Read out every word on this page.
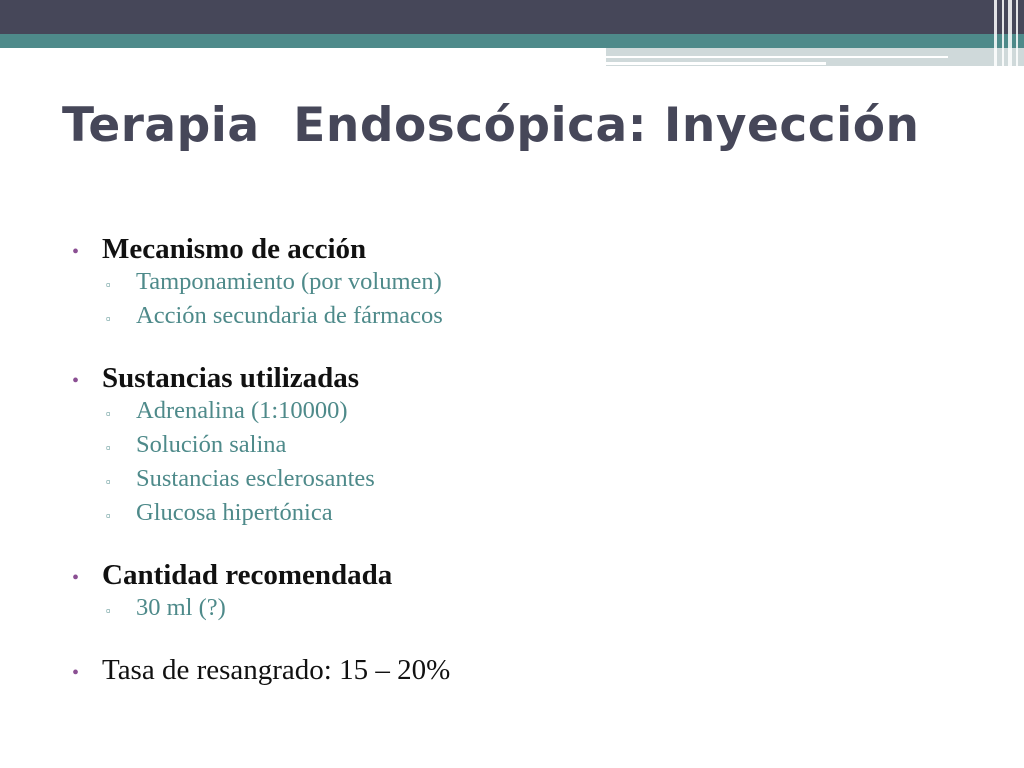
Terapia  Endoscópica: Inyección
• Mecanismo de acción
▫	Tamponamiento (por volumen)
▫	Acción secundaria de fármacos
• Sustancias utilizadas
▫	Adrenalina (1:10000)
▫	Solución salina
▫	Sustancias esclerosantes
▫	Glucosa hipertónica
• Cantidad recomendada
▫	30 ml (?)
• Tasa de resangrado: 15 – 20%
